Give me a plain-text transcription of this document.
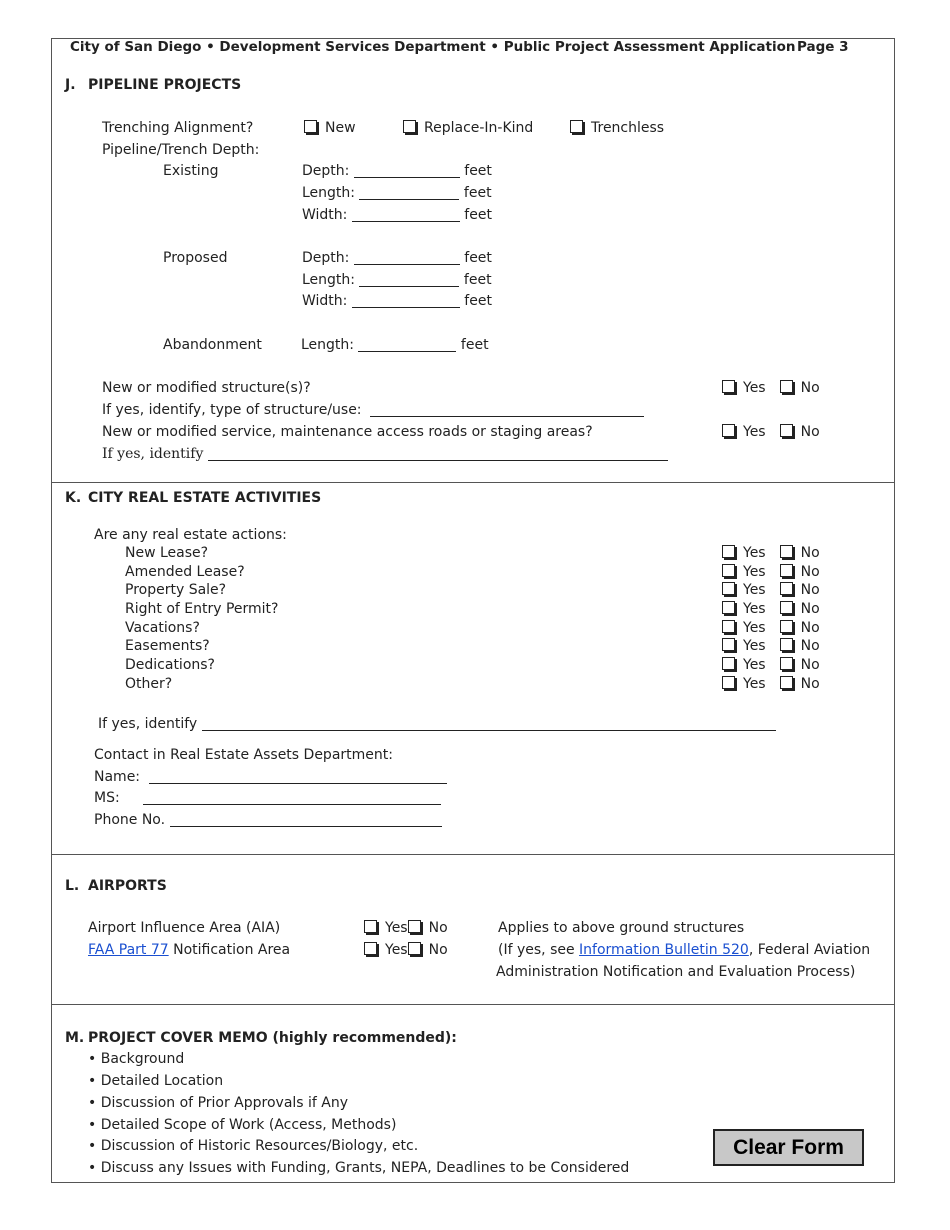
City of San Diego • Development Services Department • Public Project Assessment Application Page 3
J. PIPELINE PROJECTS
Trenching Alignment?	New	Replace-In-Kind	Trenchless
Pipeline/Trench Depth:
Existing	Depth:	feet
Length:	feet
Width:	feet
Proposed	Depth:	feet
Length:	feet
Width:	feet
Abandonment	Length:	feet
New or modified structure(s)?	Yes	No
If yes, identify, type of structure/use:
New or modified service, maintenance access roads or staging areas?	Yes	No
If yes, identify
K. CITY REAL ESTATE ACTIVITIES
Are any real estate actions:
New Lease?	Yes	No
Amended Lease?	Yes	No
Property Sale?	Yes	No
Right of Entry Permit?	Yes	No
Vacations?	Yes	No
Easements?	Yes	No
Dedications?	Yes	No
Other?	Yes	No
If yes, identify
Contact in Real Estate Assets Department:
Name:
MS:
Phone No.
L. AIRPORTS
Airport Influence Area (AIA)	Yes No	Applies to above ground structures
FAA Part 77 Notification Area	Yes No	(If yes, see Information Bulletin 520, Federal Aviation
Administration Notification and Evaluation Process)
M. PROJECT COVER MEMO (highly recommended):
• Background
• Detailed Location
• Discussion of Prior Approvals if Any
• Detailed Scope of Work (Access, Methods)
• Discussion of Historic Resources/Biology, etc.
• Discuss any Issues with Funding, Grants, NEPA, Deadlines to be Considered
Clear Form
